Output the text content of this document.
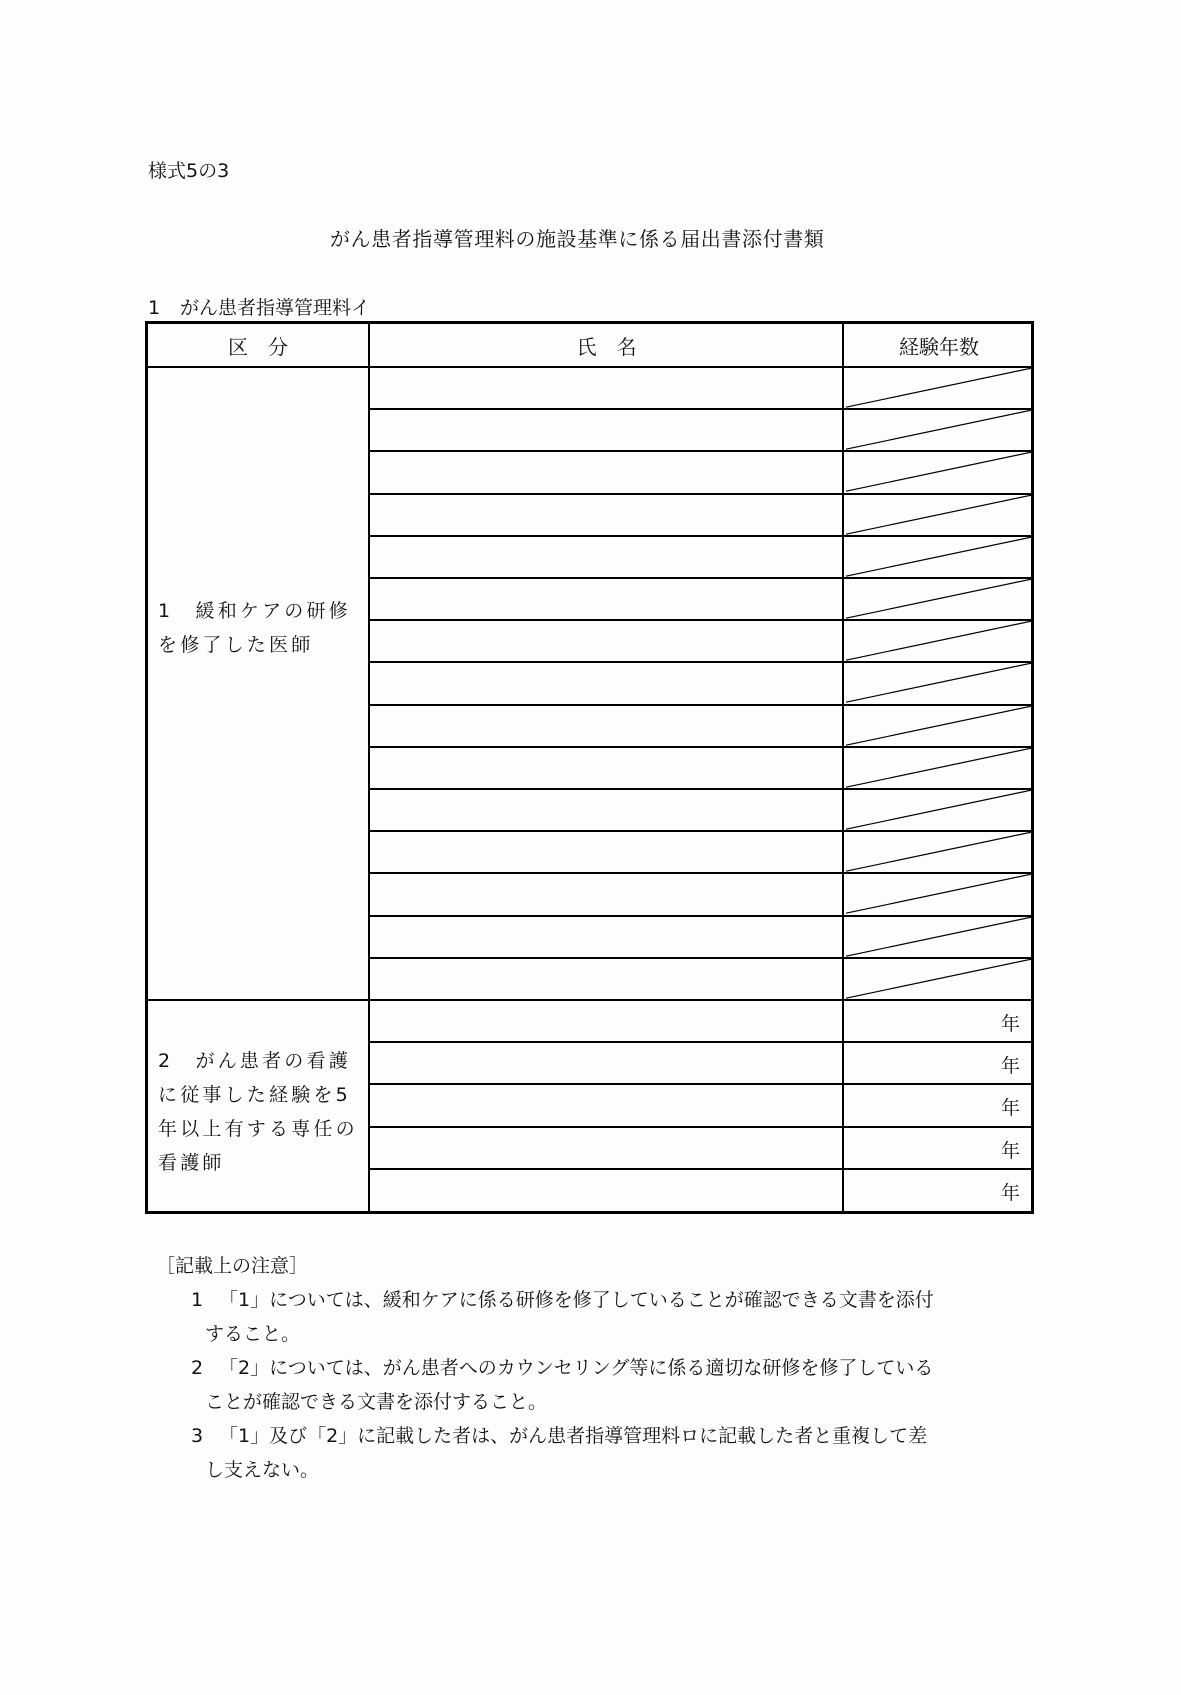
様式5の3
がん患者指導管理料の施設基準に係る届出書添付書類
1 がん患者指導管理料イ
区　分	氏　名	経験年数
1　緩和ケアの研修を修了した医師
2　がん患者の看護に従事した経験を5年以上有する専任の看護師
年
年
年
年
年
［記載上の注意］
1 「1」については、緩和ケアに係る研修を修了していることが確認できる文書を添付
すること。
2 「2」については、がん患者へのカウンセリング等に係る適切な研修を修了している
ことが確認できる文書を添付すること。
3 「1」及び「2」に記載した者は、がん患者指導管理料ロに記載した者と重複して差
し支えない。
